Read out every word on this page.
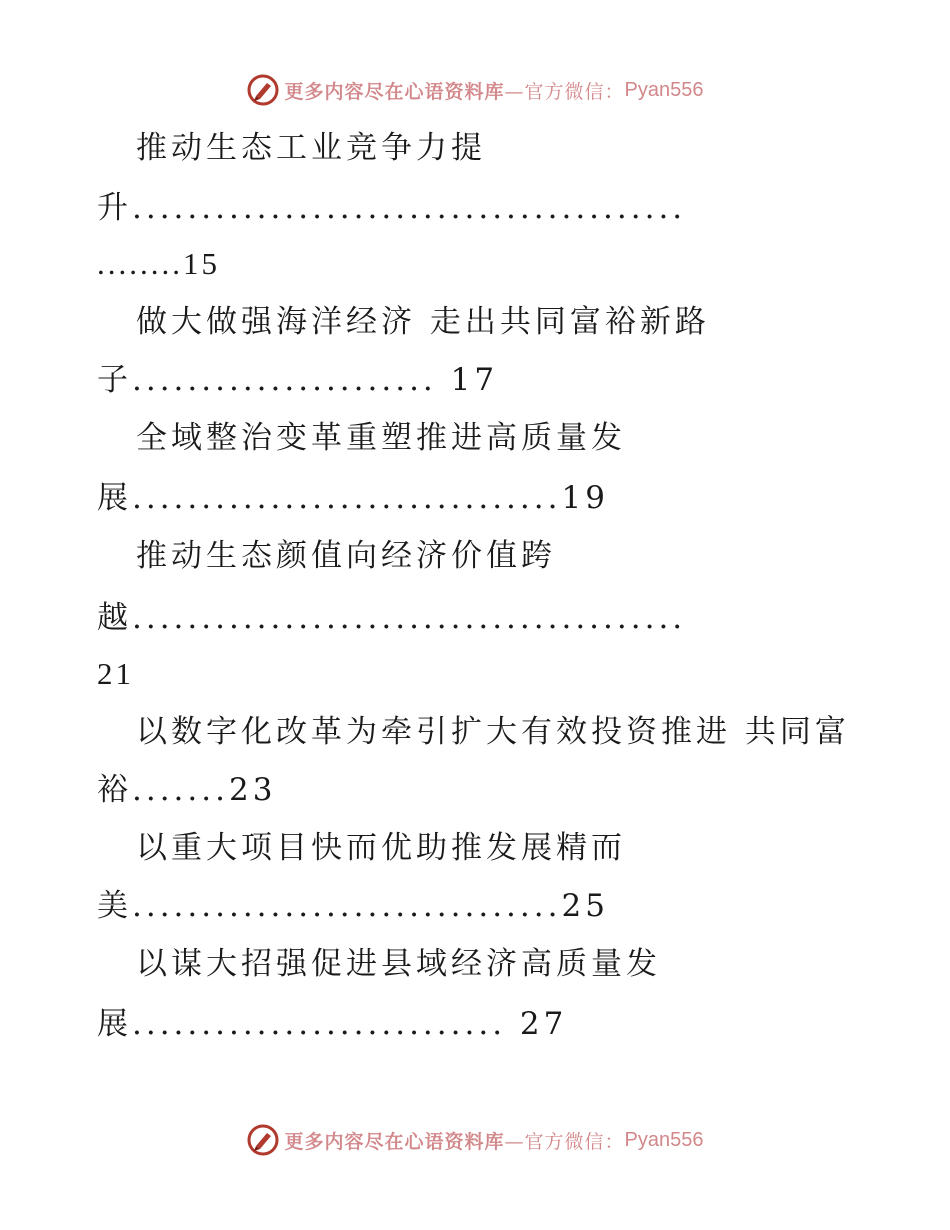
更多内容尽在心语资料库 —官方微信： Pyan556
推动生态工业竞争力提
升........................................
........15
做大做强海洋经济 走出共同富裕新路
子...................... 17
全域整治变革重塑推进高质量发
展...............................19
推动生态颜值向经济价值跨
越........................................
21
以数字化改革为牵引扩大有效投资推进 共同富
裕.......23
以重大项目快而优助推发展精而
美...............................25
以谋大招强促进县域经济高质量发
展........................... 27
更多内容尽在心语资料库 —官方微信： Pyan556
